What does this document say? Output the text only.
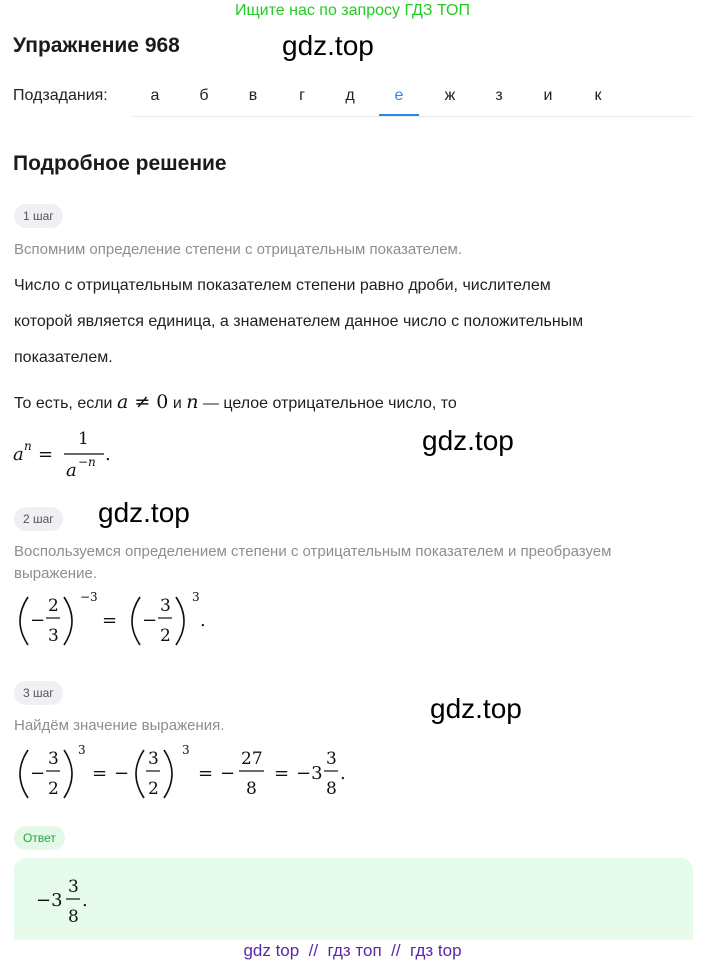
Ищите нас по запросу ГДЗ ТОП
Упражнение 968	gdz.top
Подзадания:	а	б	в	г	д	е	ж	з	и	к
Подробное решение
1 шаг
Вспомним определение степени с отрицательным показателем.
Число с отрицательным показателем степени равно дроби, числителем
которой является единица, а знаменателем данное число с положительным
показателем.
То есть, если a ≠ 0 и n — целое отрицательное число, то
gdz.top
a n =
1
a − n .
2 шаг	gdz.top
Воспользуемся определением степени с отрицательным показателем и преобразуем
выражение.
−
2
3
−3
= −
3
2
3
.
3 шаг	gdz.top
Найдём значение выражения.
−
3
2
3
= −
3
2
3
= −
27
8
= −3
3
8
.
Ответ
−3
3
8
.
gdz top  //  гдз топ  //  гдз top
